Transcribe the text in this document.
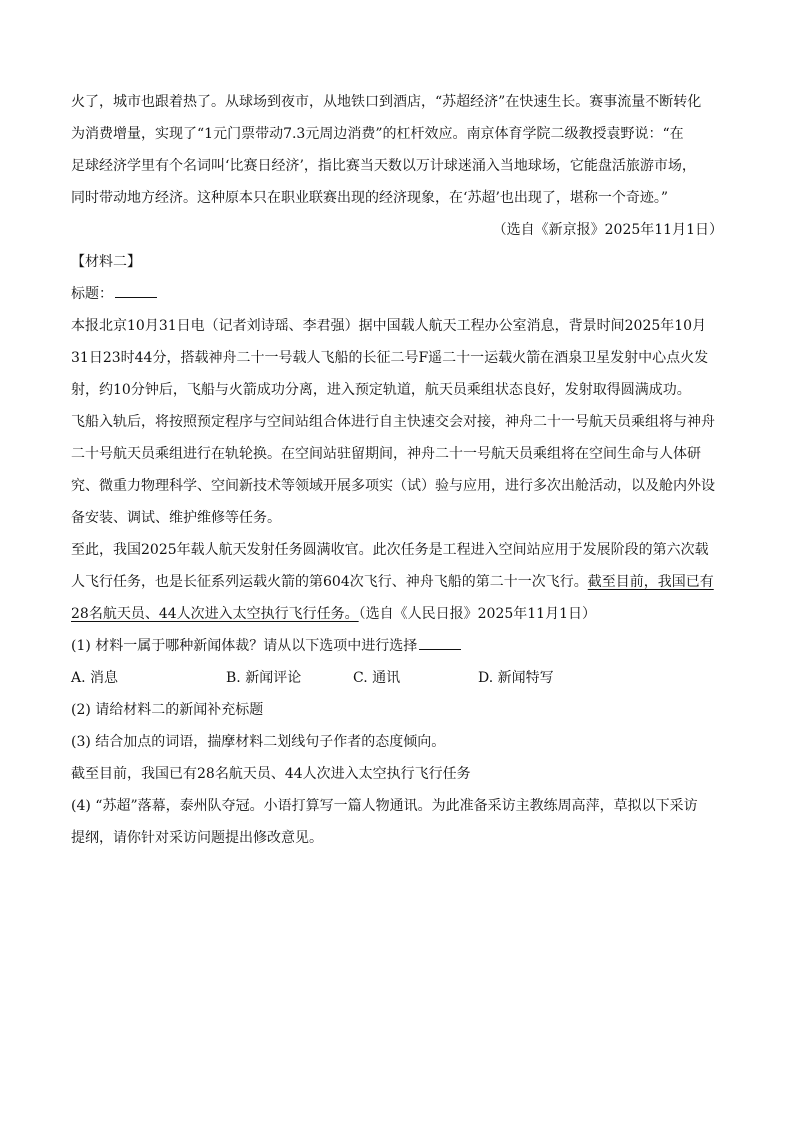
火了，城市也跟着热了。从球场到夜市，从地铁口到酒店，“苏超经济”在快速生长。赛事流量不断转化

为消费增量，实现了“1元门票带动7.3元周边消费”的杠杆效应。南京体育学院二级教授袁野说：“在

足球经济学里有个名词叫‘比赛日经济’，指比赛当天数以万计球迷涌入当地球场，它能盘活旅游市场，

同时带动地方经济。这种原本只在职业联赛出现的经济现象，在‘苏超’也出现了，堪称一个奇迹。”

（选自《新京报》2025年11月1日）

【材料二】

标题：

本报北京10月31日电（记者刘诗瑶、李君强）据中国载人航天工程办公室消息，背景时间2025年10月

31日23时44分，搭载神舟二十一号载人飞船的长征二号F遥二十一运载火箭在酒泉卫星发射中心点火发

射，约10分钟后，飞船与火箭成功分离，进入预定轨道，航天员乘组状态良好，发射取得圆满成功。

飞船入轨后，将按照预定程序与空间站组合体进行自主快速交会对接，神舟二十一号航天员乘组将与神舟

二十号航天员乘组进行在轨轮换。在空间站驻留期间，神舟二十一号航天员乘组将在空间生命与人体研

究、微重力物理科学、空间新技术等领域开展多项实（试）验与应用，进行多次出舱活动，以及舱内外设

备安装、调试、维护维修等任务。

至此，我国2025年载人航天发射任务圆满收官。此次任务是工程进入空间站应用于发展阶段的第六次载

人飞行任务，也是长征系列运载火箭的第604次飞行、神舟飞船的第二十一次飞行。截至目前，我国已有

28名航天员、44人次进入太空执行飞行任务。（选自《人民日报》2025年11月1日）

(1) 材料一属于哪种新闻体裁？请从以下选项中进行选择

A. 消息	B. 新闻评论	C. 通讯	D. 新闻特写

(2) 请给材料二的新闻补充标题

(3) 结合加点的词语，揣摩材料二划线句子作者的态度倾向。

截至目前，我国已有28名航天员、44人次进入太空执行飞行任务

(4) “苏超”落幕，泰州队夺冠。小语打算写一篇人物通讯。为此准备采访主教练周高萍，草拟以下采访

提纲，请你针对采访问题提出修改意见。
